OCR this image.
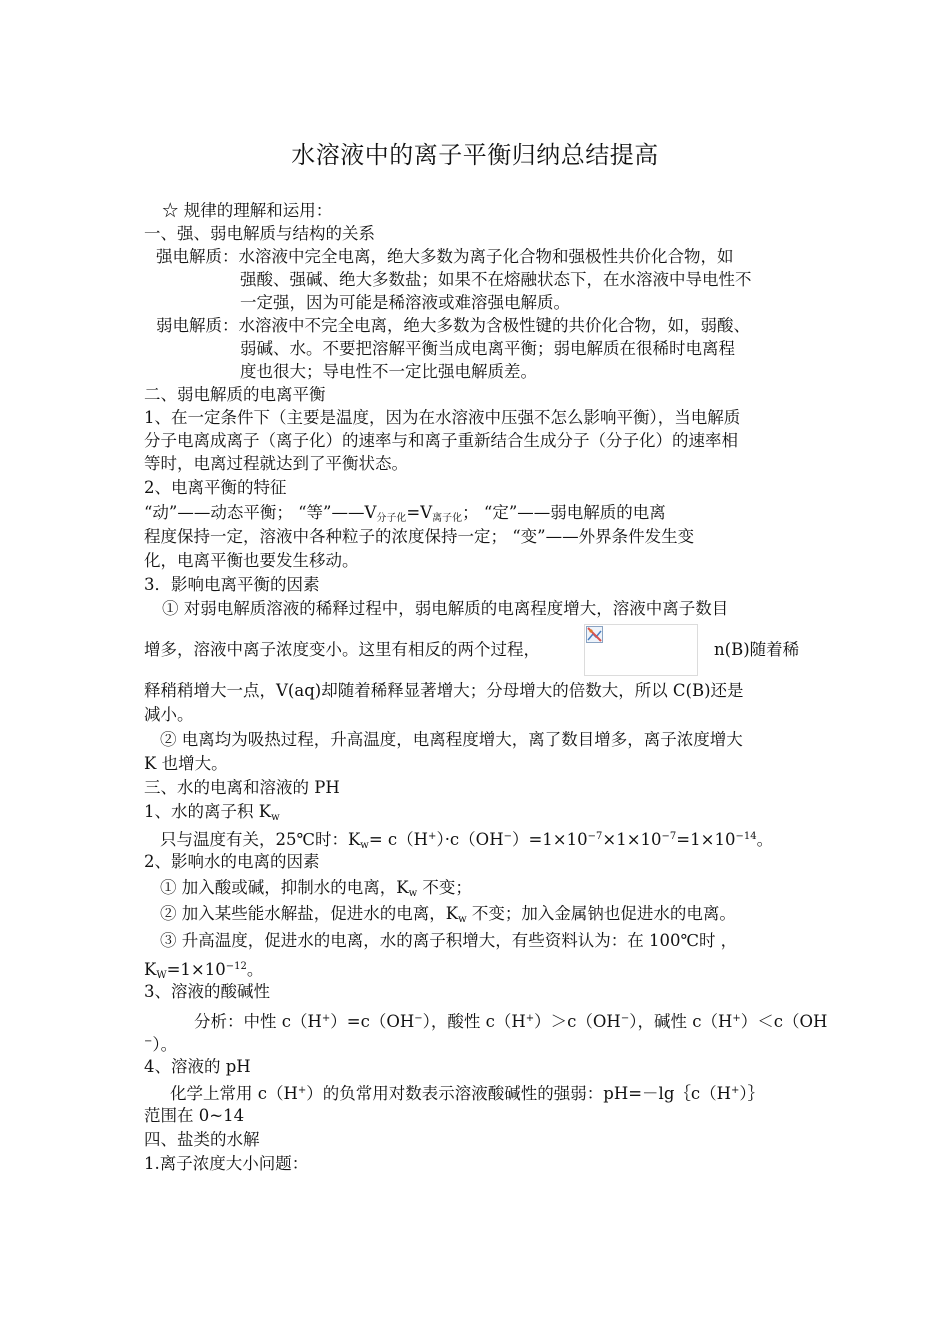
水溶液中的离子平衡归纳总结提高
☆ 规律的理解和运用：
一、强、弱电解质与结构的关系
强电解质：水溶液中完全电离，绝大多数为离子化合物和强极性共价化合物，如
强酸、强碱、绝大多数盐；如果不在熔融状态下，在水溶液中导电性不
一定强，因为可能是稀溶液或难溶强电解质。
弱电解质：水溶液中不完全电离，绝大多数为含极性键的共价化合物，如，弱酸、
弱碱、水。不要把溶解平衡当成电离平衡；弱电解质在很稀时电离程
度也很大；导电性不一定比强电解质差。
二、弱电解质的电离平衡
1、在一定条件下（主要是温度，因为在水溶液中压强不怎么影响平衡），当电解质
分子电离成离子（离子化）的速率与和离子重新结合生成分子（分子化）的速率相
等时，电离过程就达到了平衡状态。
2、电离平衡的特征
“动”——动态平衡； “等$”——V_{分子化}=V_{离子化}$； “定”——弱电解质的电离
程度保持一定，溶液中各种粒子的浓度保持一定； “变”——外界条件发生变
化，电离平衡也要发生移动。
3．影响电离平衡的因素
① 对弱电解质溶液的稀释过程中，弱电解质的电离程度增大，溶液中离子数目
增多，溶液中离子浓度变小。这里有相反的两个过程，	n(B)随着稀
释稍稍增大一点，V(aq)却随着稀释显著增大；分母增大的倍数大，所以 C(B)还是
减小。
② 电离均为吸热过程，升高温度，电离程度增大，离了数目增多，离子浓度增大
K 也增大。
三、水的电离和溶液的 PH
1、水的离子积 $K_w$
只与温度有关，25℃时：$K_w= c(H^+)\cdot c(OH^-)=1\times 10^{-7}\times 1\times 10^{-7}=1\times 10^{-14}$。
2、影响水的电离的因素
① 加入酸或碱，抑制水的电离，$K_w$ 不变；
② 加入某些能水解盐，促进水的电离，$K_w$ 不变；加入金属钠也促进水的电离。
③ 升高温度，促进水的电离，水的离子积增大，有些资料认为：在 100℃时 ，
$K_W=1\times 10^{-12}$。
3、溶液的酸碱性
分析：中性 c（H+）=c（OH−），酸性 c（H+）＞c（OH−），碱性 c（H+）＜c（OH
−）。
4、溶液的 pH
化学上常用 c（H+）的负常用对数表示溶液酸碱性的强弱：pH=－lg｛c（H+）｝
范围在 0~14
四、盐类的水解
1.离子浓度大小问题：
